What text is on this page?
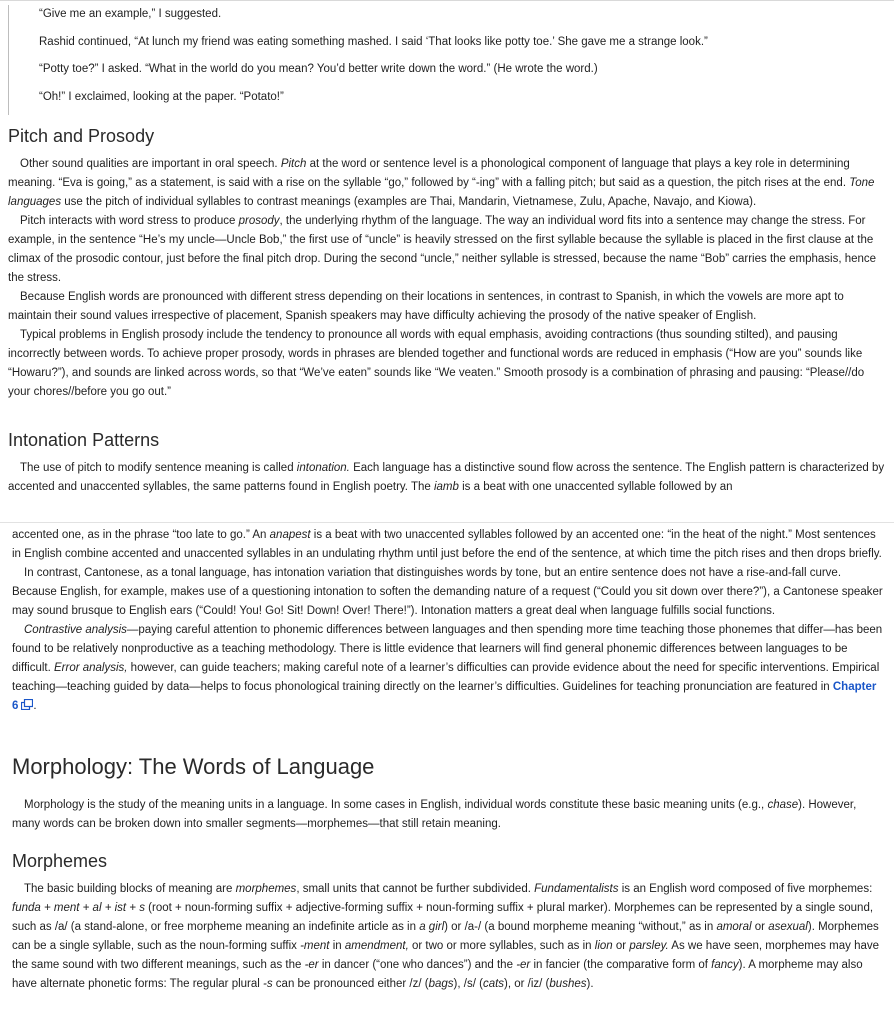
“Give me an example,” I suggested.

Rashid continued, “At lunch my friend was eating something mashed. I said ‘That looks like potty toe.’ She gave me a strange look.”

“Potty toe?” I asked. “What in the world do you mean? You’d better write down the word.” (He wrote the word.)

“Oh!” I exclaimed, looking at the paper. “Potato!”

Pitch and Prosody

Other sound qualities are important in oral speech. Pitch at the word or sentence level is a phonological component of language that plays a key role in determining meaning. “Eva is going,” as a statement, is said with a rise on the syllable “go,” followed by “-ing” with a falling pitch; but said as a question, the pitch rises at the end. Tone languages use the pitch of individual syllables to contrast meanings (examples are Thai, Mandarin, Vietnamese, Zulu, Apache, Navajo, and Kiowa).

Pitch interacts with word stress to produce prosody, the underlying rhythm of the language. The way an individual word fits into a sentence may change the stress. For example, in the sentence “He’s my uncle—Uncle Bob,” the first use of “uncle” is heavily stressed on the first syllable because the syllable is placed in the first clause at the climax of the prosodic contour, just before the final pitch drop. During the second “uncle,” neither syllable is stressed, because the name “Bob” carries the emphasis, hence the stress.

Because English words are pronounced with different stress depending on their locations in sentences, in contrast to Spanish, in which the vowels are more apt to maintain their sound values irrespective of placement, Spanish speakers may have difficulty achieving the prosody of the native speaker of English.

Typical problems in English prosody include the tendency to pronounce all words with equal emphasis, avoiding contractions (thus sounding stilted), and pausing incorrectly between words. To achieve proper prosody, words in phrases are blended together and functional words are reduced in emphasis (“How are you” sounds like “Howaru?”), and sounds are linked across words, so that “We’ve eaten” sounds like “We veaten.” Smooth prosody is a combination of phrasing and pausing: “Please//do your chores//before you go out.”

Intonation Patterns

The use of pitch to modify sentence meaning is called intonation. Each language has a distinctive sound flow across the sentence. The English pattern is characterized by accented and unaccented syllables, the same patterns found in English poetry. The iamb is a beat with one unaccented syllable followed by an

accented one, as in the phrase “too late to go.” An anapest is a beat with two unaccented syllables followed by an accented one: “in the heat of the night.” Most sentences in English combine accented and unaccented syllables in an undulating rhythm until just before the end of the sentence, at which time the pitch rises and then drops briefly.

In contrast, Cantonese, as a tonal language, has intonation variation that distinguishes words by tone, but an entire sentence does not have a rise-and-fall curve. Because English, for example, makes use of a questioning intonation to soften the demanding nature of a request (“Could you sit down over there?”), a Cantonese speaker may sound brusque to English ears (“Could! You! Go! Sit! Down! Over! There!”). Intonation matters a great deal when language fulfills social functions.

Contrastive analysis—paying careful attention to phonemic differences between languages and then spending more time teaching those phonemes that differ—has been found to be relatively nonproductive as a teaching methodology. There is little evidence that learners will find general phonemic differences between languages to be difficult. Error analysis, however, can guide teachers; making careful note of a learner’s difficulties can provide evidence about the need for specific interventions. Empirical teaching—teaching guided by data—helps to focus phonological training directly on the learner’s difficulties. Guidelines for teaching pronunciation are featured in Chapter 6 .

Morphology: The Words of Language

Morphology is the study of the meaning units in a language. In some cases in English, individual words constitute these basic meaning units (e.g., chase). However, many words can be broken down into smaller segments—morphemes—that still retain meaning.

Morphemes

The basic building blocks of meaning are morphemes, small units that cannot be further subdivided. Fundamentalists is an English word composed of five morphemes: funda + ment + al + ist + s (root + noun-forming suffix + adjective-forming suffix + noun-forming suffix + plural marker). Morphemes can be represented by a single sound, such as /a/ (a stand-alone, or free morpheme meaning an indefinite article as in a girl) or /a-/ (a bound morpheme meaning “without,” as in amoral or asexual). Morphemes can be a single syllable, such as the noun-forming suffix -ment in amendment, or two or more syllables, such as in lion or parsley. As we have seen, morphemes may have the same sound with two different meanings, such as the -er in dancer (“one who dances”) and the -er in fancier (the comparative form of fancy). A morpheme may also have alternate phonetic forms: The regular plural -s can be pronounced either /z/ (bags), /s/ (cats), or /iz/ (bushes).
